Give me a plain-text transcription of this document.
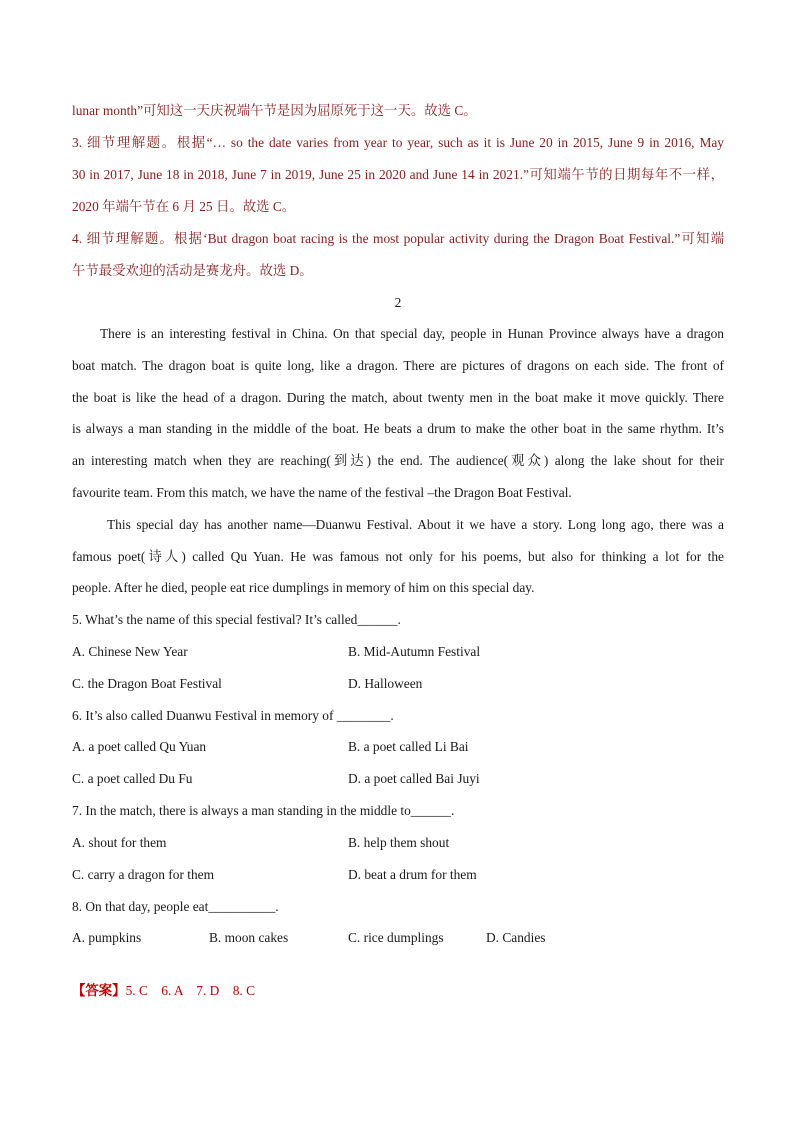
lunar month”可知这一天庆祝端午节是因为屈原死于这一天。故选 C。
3. 细节理解题。根据“… so the date varies from year to year, such as it is June 20 in 2015, June 9 in 2016, May
30 in 2017, June 18 in 2018, June 7 in 2019, June 25 in 2020 and June 14 in 2021.”可知端午节的日期每年不一样，
2020 年端午节在 6 月 25 日。故选 C。
4. 细节理解题。根据‘But dragon boat racing is the most popular activity during the Dragon Boat Festival.”可知端
午节最受欢迎的活动是赛龙舟。故选 D。
2
There is an interesting festival in China. On that special day, people in Hunan Province always have a dragon
boat match. The dragon boat is quite long, like a dragon. There are pictures of dragons on each side. The front of
the boat is like the head of a dragon. During the match, about twenty men in the boat make it move quickly. There
is always a man standing in the middle of the boat. He beats a drum to make the other boat in the same rhythm. It’s
an interesting match when they are reaching(到达) the end. The audience(观众) along the lake shout for their
favourite team. From this match, we have the name of the festival –the Dragon Boat Festival.
This special day has another name—Duanwu Festival. About it we have a story. Long long ago, there was a
famous poet(诗人) called Qu Yuan. He was famous not only for his poems, but also for thinking a lot for the
people. After he died, people eat rice dumplings in memory of him on this special day.
5. What’s the name of this special festival? It’s called______.
A. Chinese New Year	B. Mid-Autumn Festival
C. the Dragon Boat Festival	D. Halloween
6. It’s also called Duanwu Festival in memory of ________.
A. a poet called Qu Yuan	B. a poet called Li Bai
C. a poet called Du Fu	D. a poet called Bai Juyi
7. In the match, there is always a man standing in the middle to______.
A. shout for them	B. help them shout
C. carry a dragon for them	D. beat a drum for them
8. On that day, people eat__________.
A. pumpkins	B. moon cakes	C. rice dumplings	D. Candies
【答案】5. C    6. A    7. D    8. C
